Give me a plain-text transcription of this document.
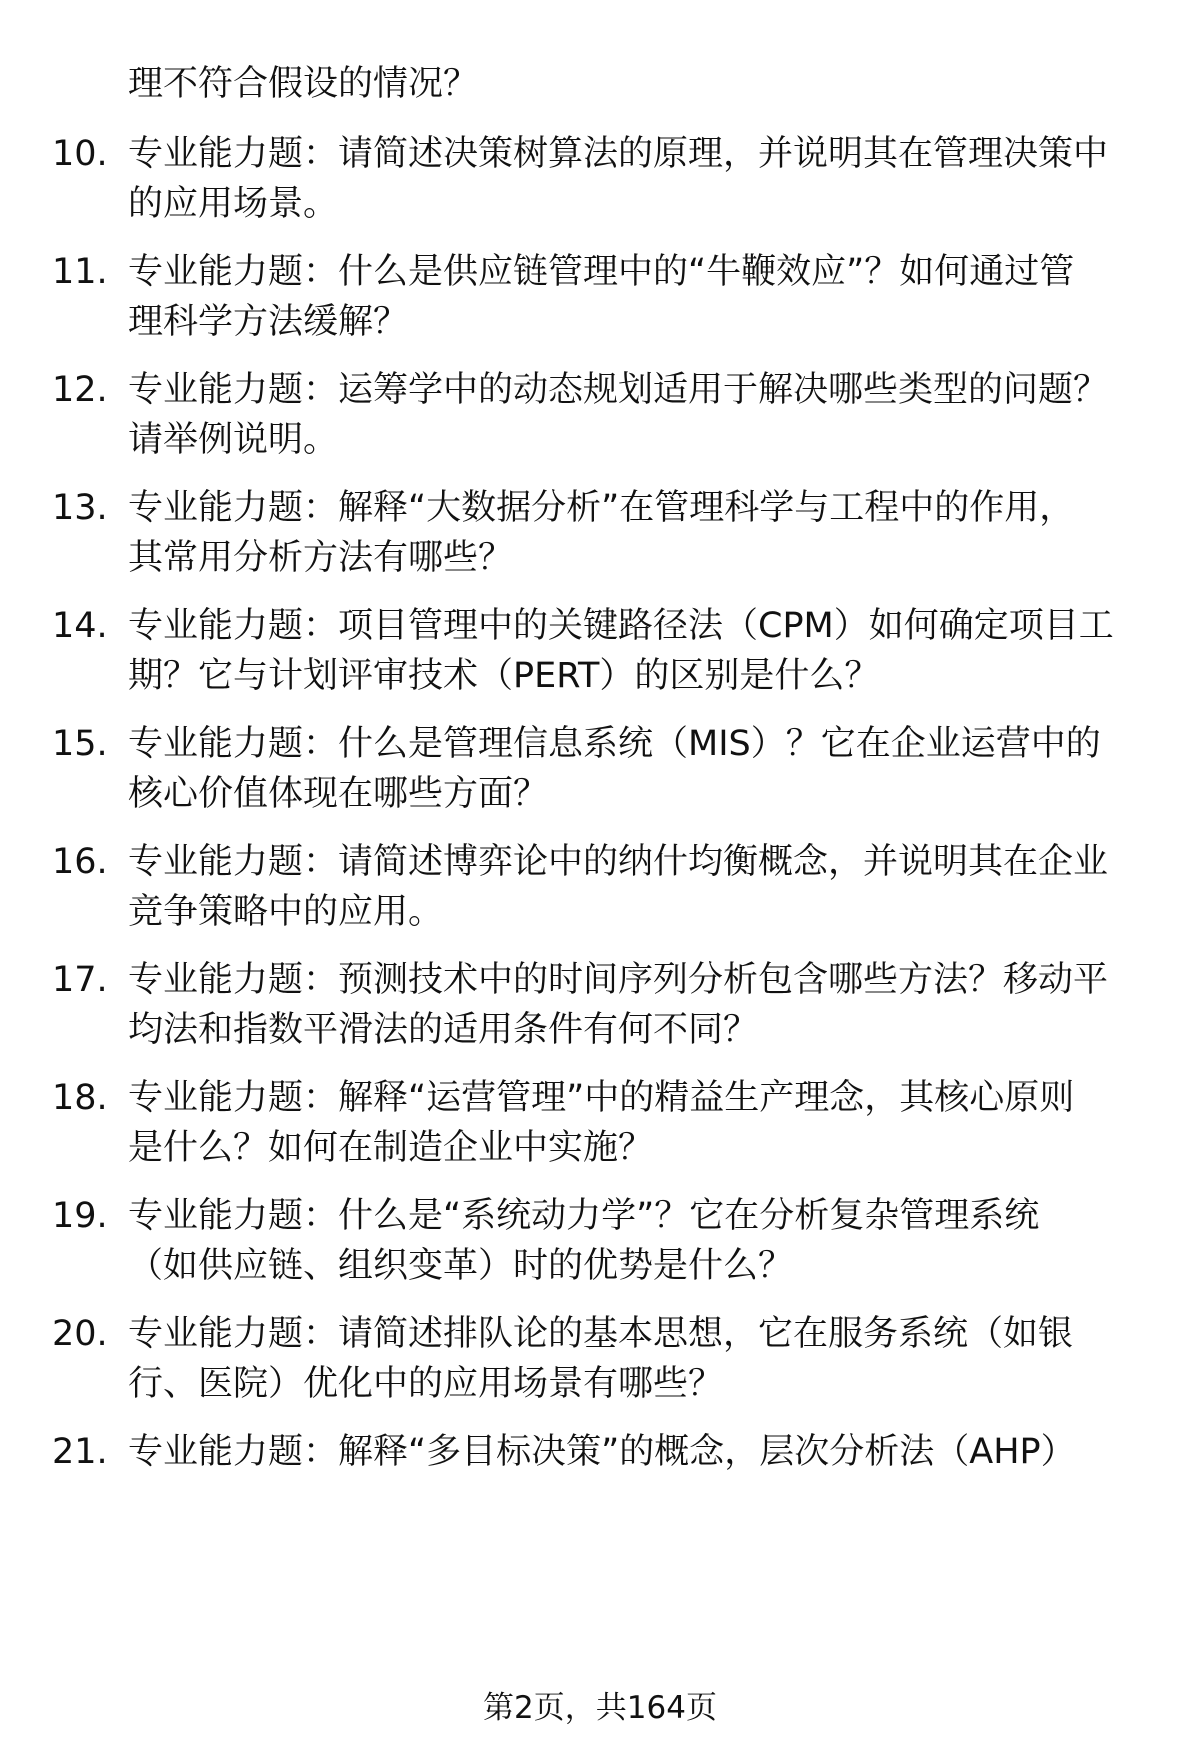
理不符合假设的情况？
10. 专业能力题：请简述决策树算法的原理，并说明其在管理决策中
的应用场景。
11. 专业能力题：什么是供应链管理中的“牛鞭效应”？如何通过管
理科学方法缓解？
12. 专业能力题：运筹学中的动态规划适用于解决哪些类型的问题？
请举例说明。
13. 专业能力题：解释“大数据分析”在管理科学与工程中的作用，
其常用分析方法有哪些？
14. 专业能力题：项目管理中的关键路径法（CPM）如何确定项目工
期？它与计划评审技术（PERT）的区别是什么？
15. 专业能力题：什么是管理信息系统（MIS）？它在企业运营中的
核心价值体现在哪些方面？
16. 专业能力题：请简述博弈论中的纳什均衡概念，并说明其在企业
竞争策略中的应用。
17. 专业能力题：预测技术中的时间序列分析包含哪些方法？移动平
均法和指数平滑法的适用条件有何不同？
18. 专业能力题：解释“运营管理”中的精益生产理念，其核心原则
是什么？如何在制造企业中实施？
19. 专业能力题：什么是“系统动力学”？它在分析复杂管理系统
（如供应链、组织变革）时的优势是什么？
20. 专业能力题：请简述排队论的基本思想，它在服务系统（如银
行、医院）优化中的应用场景有哪些？
21. 专业能力题：解释“多目标决策”的概念，层次分析法（AHP）
第2页，共164页
